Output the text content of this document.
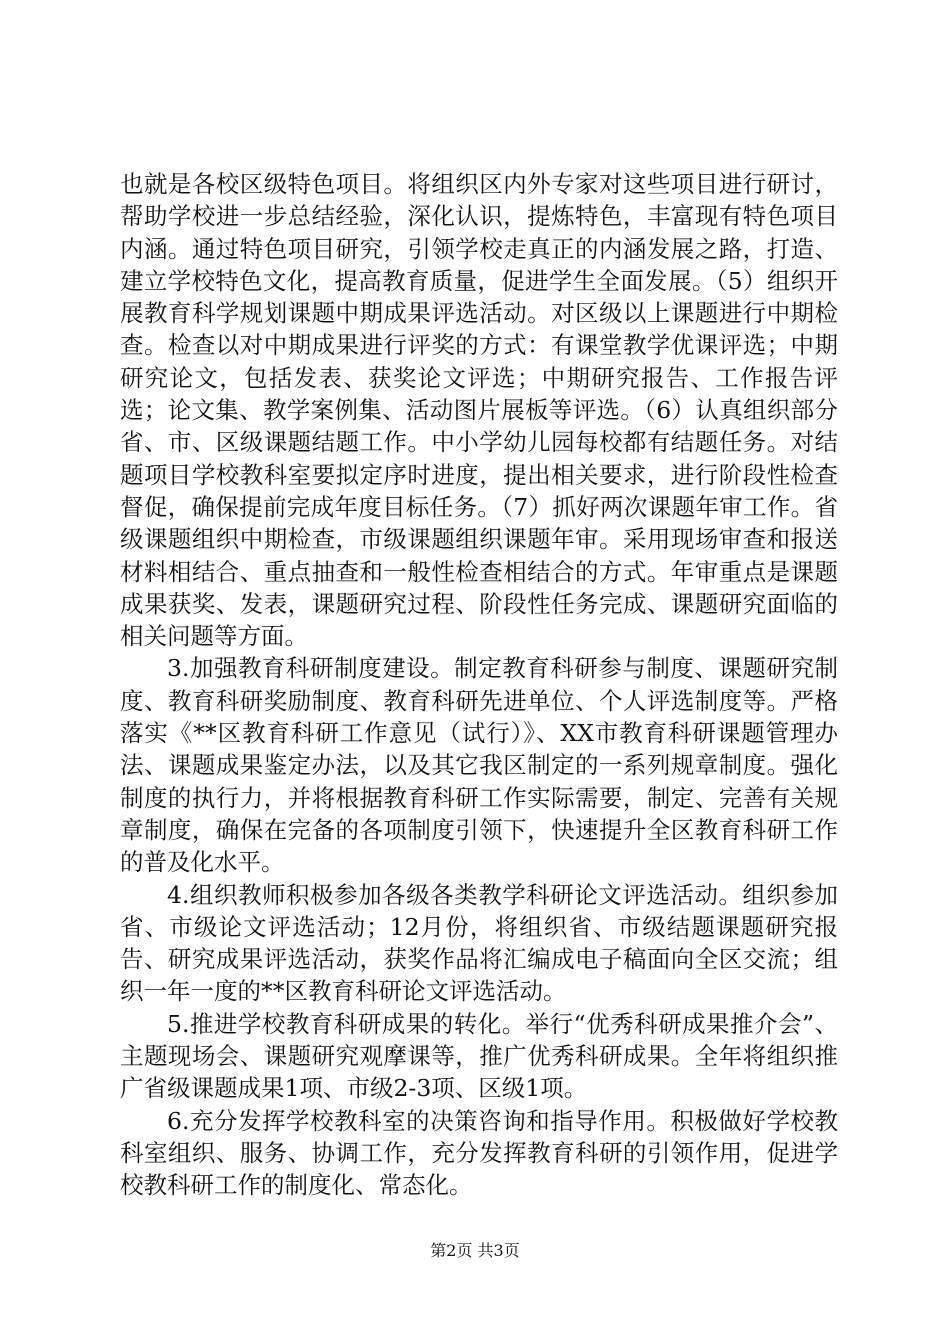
也就是各校区级特色项目。将组织区内外专家对这些项目进行研讨，帮助学校进一步总结经验，深化认识，提炼特色，丰富现有特色项目内涵。通过特色项目研究，引领学校走真正的内涵发展之路，打造、建立学校特色文化，提高教育质量，促进学生全面发展。（5）组织开展教育科学规划课题中期成果评选活动。对区级以上课题进行中期检查。检查以对中期成果进行评奖的方式：有课堂教学优课评选；中期研究论文，包括发表、获奖论文评选；中期研究报告、工作报告评选；论文集、教学案例集、活动图片展板等评选。（6）认真组织部分省、市、区级课题结题工作。中小学幼儿园每校都有结题任务。对结题项目学校教科室要拟定序时进度，提出相关要求，进行阶段性检查督促，确保提前完成年度目标任务。（7）抓好两次课题年审工作。省级课题组织中期检查，市级课题组织课题年审。采用现场审查和报送材料相结合、重点抽查和一般性检查相结合的方式。年审重点是课题成果获奖、发表，课题研究过程、阶段性任务完成、课题研究面临的相关问题等方面。

3.加强教育科研制度建设。制定教育科研参与制度、课题研究制度、教育科研奖励制度、教育科研先进单位、个人评选制度等。严格落实《**区教育科研工作意见（试行）》、XX市教育科研课题管理办法、课题成果鉴定办法，以及其它我区制定的一系列规章制度。强化制度的执行力，并将根据教育科研工作实际需要，制定、完善有关规章制度，确保在完备的各项制度引领下，快速提升全区教育科研工作的普及化水平。

4.组织教师积极参加各级各类教学科研论文评选活动。组织参加省、市级论文评选活动；12月份，将组织省、市级结题课题研究报告、研究成果评选活动，获奖作品将汇编成电子稿面向全区交流；组织一年一度的**区教育科研论文评选活动。

5.推进学校教育科研成果的转化。举行“优秀科研成果推介会”、主题现场会、课题研究观摩课等，推广优秀科研成果。全年将组织推广省级课题成果1项、市级2-3项、区级1项。

6.充分发挥学校教科室的决策咨询和指导作用。积极做好学校教科室组织、服务、协调工作，充分发挥教育科研的引领作用，促进学校教科研工作的制度化、常态化。

第2页 共3页
